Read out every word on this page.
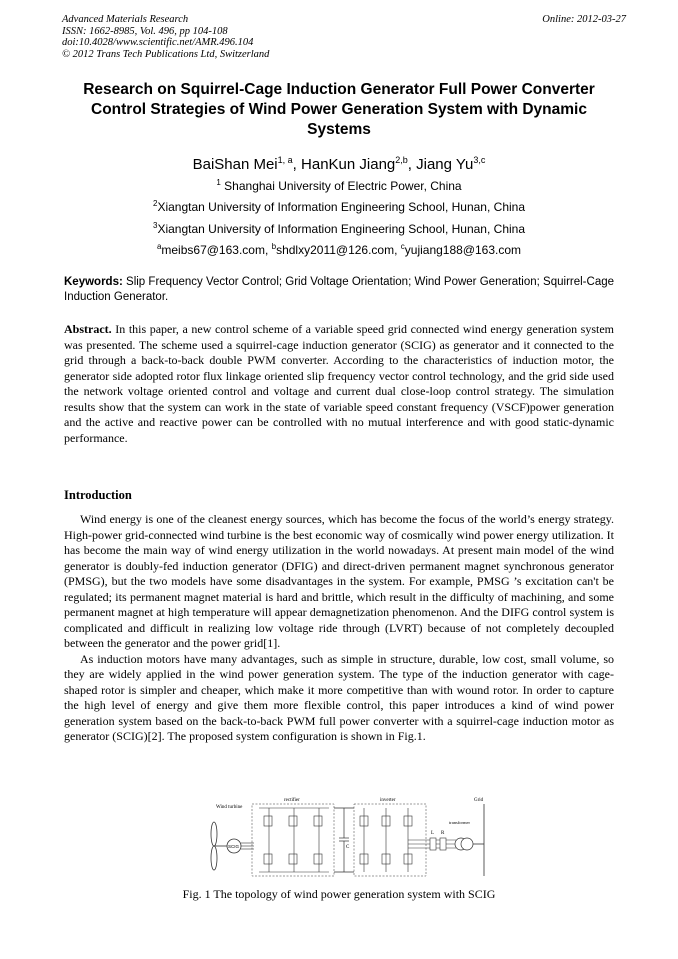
Advanced Materials Research
ISSN: 1662-8985, Vol. 496, pp 104-108
doi:10.4028/www.scientific.net/AMR.496.104
© 2012 Trans Tech Publications Ltd, Switzerland
Online: 2012-03-27
Research on Squirrel-Cage Induction Generator Full Power Converter Control Strategies of Wind Power Generation System with Dynamic Systems
BaiShan Mei$^{1, a}$, HanKun Jiang$^{2,b}$, Jiang Yu$^{3,c}$
$^1$ Shanghai University of Electric Power, China
$^2$Xiangtan University of Information Engineering School, Hunan, China
$^3$Xiangtan University of Information Engineering School, Hunan, China
$^a$meibs67@163.com, $^b$shdlxy2011@126.com, $^c$yujiang188@163.com
Keywords: Slip Frequency Vector Control; Grid Voltage Orientation; Wind Power Generation; Squirrel-Cage Induction Generator.
Abstract. In this paper, a new control scheme of a variable speed grid connected wind energy generation system was presented. The scheme used a squirrel-cage induction generator (SCIG) as generator and it connected to the grid through a back-to-back double PWM converter. According to the characteristics of induction motor, the generator side adopted rotor flux linkage oriented slip frequency vector control technology, and the grid side used the network voltage oriented control and voltage and current dual close-loop control strategy. The simulation results show that the system can work in the state of variable speed constant frequency (VSCF)power generation and the active and reactive power can be controlled with no mutual interference and with good static-dynamic performance.
Introduction

Wind energy is one of the cleanest energy sources, which has become the focus of the world’s energy strategy. High-power grid-connected wind turbine is the best economic way of cosmically wind power energy utilization. It has become the main way of wind energy utilization in the world nowadays. At present main model of the wind generator is doubly-fed induction generator (DFIG) and direct-driven permanent magnet synchronous generator (PMSG), but the two models have some disadvantages in the system. For example, PMSG ’s excitation can't be regulated; its permanent magnet material is hard and brittle, which result in the difficulty of machining, and some permanent magnet at high temperature will appear demagnetization phenomenon. And the DIFG control system is complicated and difficult in realizing low voltage ride through (LVRT) because of not completely decoupled between the generator and the power grid[1].

As induction motors have many advantages, such as simple in structure, durable, low cost, small volume, so they are widely applied in the wind power generation system. The type of the induction generator with cage-shaped rotor is simpler and cheaper, which make it more competitive than with wound rotor. In order to capture the high level of energy and give them more flexible control, this paper introduces a kind of wind power generation system based on the back-to-back PWM full power converter with a squirrel-cage induction motor as generator (SCIG)[2]. The proposed system configuration is shown in Fig.1.

Wind turbine
SCIG
rectifier
C
inverter
L R
transformer
Grid
Fig. 1 The topology of wind power generation system with SCIG
